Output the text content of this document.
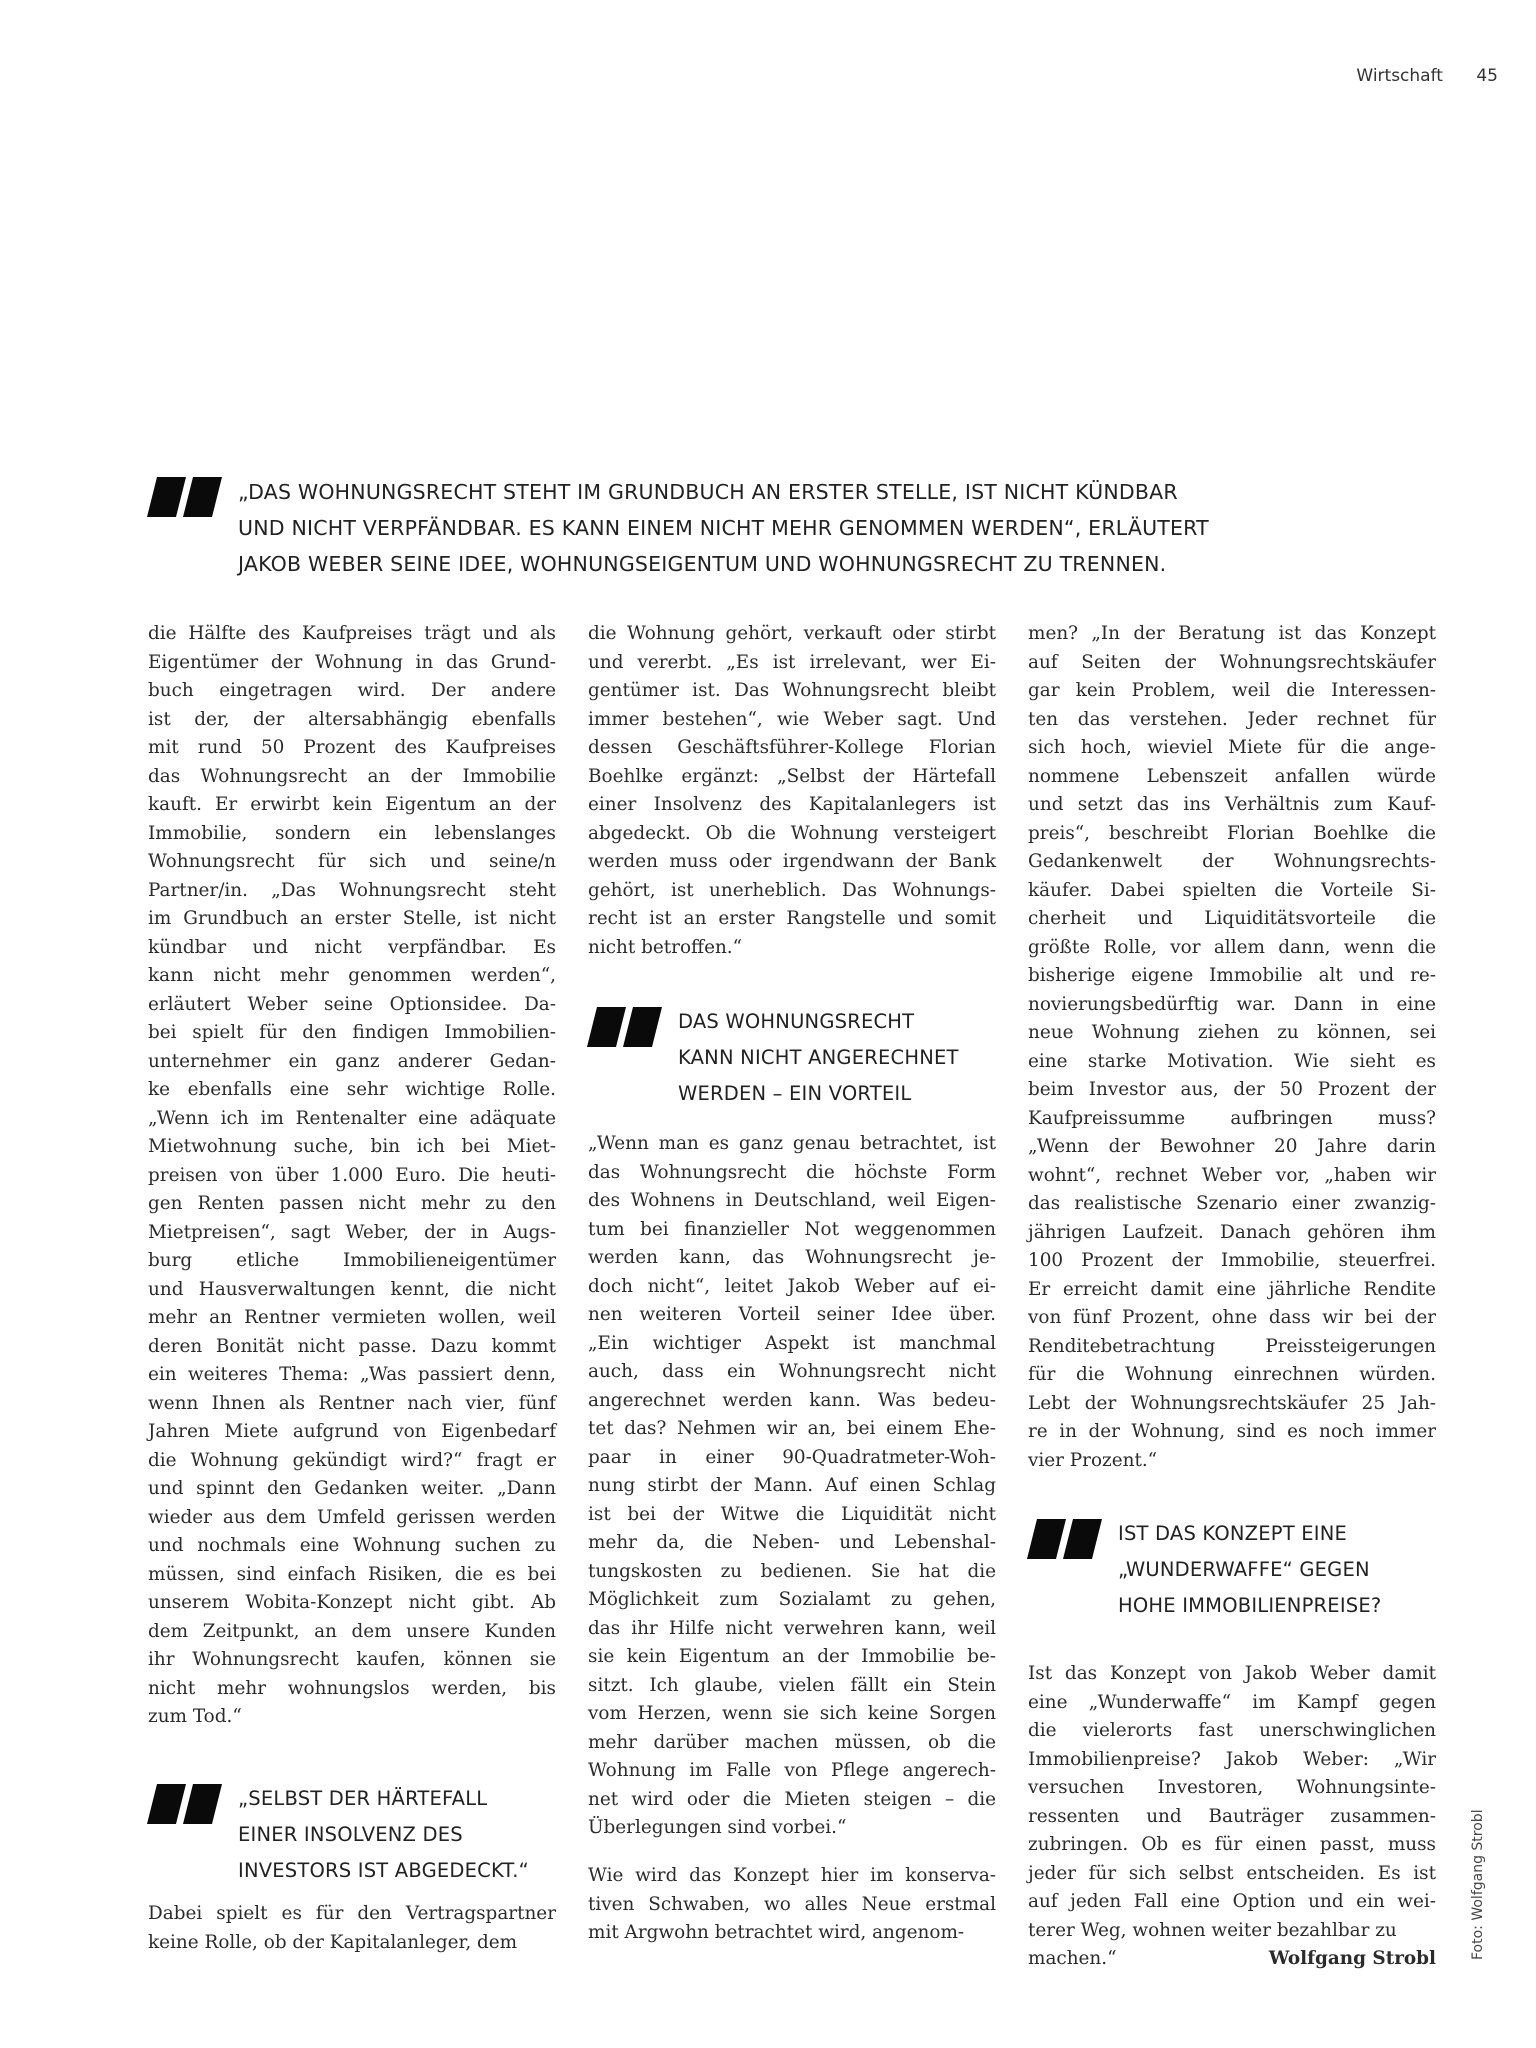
Wirtschaft 45

„DAS WOHNUNGSRECHT STEHT IM GRUNDBUCH AN ERSTER STELLE, IST NICHT KÜNDBAR

UND NICHT VERPFÄNDBAR. ES KANN EINEM NICHT MEHR GENOMMEN WERDEN“, ERLÄUTERT

JAKOB WEBER SEINE IDEE, WOHNUNGSEIGENTUM UND WOHNUNGSRECHT ZU TRENNEN.

die Hälfte des Kaufpreises trägt und als
Eigentümer der Wohnung in das Grund-
buch eingetragen wird. Der andere
ist der, der altersabhängig ebenfalls
mit rund 50 Prozent des Kaufpreises
das Wohnungsrecht an der Immobilie
kauft. Er erwirbt kein Eigentum an der
Immobilie, sondern ein lebenslanges
Wohnungsrecht für sich und seine/n
Partner/in. „Das Wohnungsrecht steht
im Grundbuch an erster Stelle, ist nicht
kündbar und nicht verpfändbar. Es
kann nicht mehr genommen werden“,
erläutert Weber seine Optionsidee. Da-
bei spielt für den findigen Immobilien-
unternehmer ein ganz anderer Gedan-
ke ebenfalls eine sehr wichtige Rolle.
„Wenn ich im Rentenalter eine adäquate
Mietwohnung suche, bin ich bei Miet-
preisen von über 1.000 Euro. Die heuti-
gen Renten passen nicht mehr zu den
Mietpreisen“, sagt Weber, der in Augs-
burg etliche Immobilieneigentümer
und Hausverwaltungen kennt, die nicht
mehr an Rentner vermieten wollen, weil
deren Bonität nicht passe. Dazu kommt
ein weiteres Thema: „Was passiert denn,
wenn Ihnen als Rentner nach vier, fünf
Jahren Miete aufgrund von Eigenbedarf
die Wohnung gekündigt wird?“ fragt er
und spinnt den Gedanken weiter. „Dann
wieder aus dem Umfeld gerissen werden
und nochmals eine Wohnung suchen zu
müssen, sind einfach Risiken, die es bei
unserem Wobita-Konzept nicht gibt. Ab
dem Zeitpunkt, an dem unsere Kunden
ihr Wohnungsrecht kaufen, können sie
nicht mehr wohnungslos werden, bis
zum Tod.“

„SELBST DER HÄRTEFALL

EINER INSOLVENZ DES

INVESTORS IST ABGEDECKT.“

Dabei spielt es für den Vertragspartner
keine Rolle, ob der Kapitalanleger, dem
die Wohnung gehört, verkauft oder stirbt
und vererbt. „Es ist irrelevant, wer Ei-
gentümer ist. Das Wohnungsrecht bleibt
immer bestehen“, wie Weber sagt. Und
dessen Geschäftsführer-Kollege Florian
Boehlke ergänzt: „Selbst der Härtefall
einer Insolvenz des Kapitalanlegers ist
abgedeckt. Ob die Wohnung versteigert
werden muss oder irgendwann der Bank
gehört, ist unerheblich. Das Wohnungs-
recht ist an erster Rangstelle und somit
nicht betroffen.“

DAS WOHNUNGSRECHT

KANN NICHT ANGERECHNET

WERDEN – EIN VORTEIL

„Wenn man es ganz genau betrachtet, ist
das Wohnungsrecht die höchste Form
des Wohnens in Deutschland, weil Eigen-
tum bei finanzieller Not weggenommen
werden kann, das Wohnungsrecht je-
doch nicht“, leitet Jakob Weber auf ei-
nen weiteren Vorteil seiner Idee über.
„Ein wichtiger Aspekt ist manchmal
auch, dass ein Wohnungsrecht nicht
angerechnet werden kann. Was bedeu-
tet das? Nehmen wir an, bei einem Ehe-
paar in einer 90-Quadratmeter-Woh-
nung stirbt der Mann. Auf einen Schlag
ist bei der Witwe die Liquidität nicht
mehr da, die Neben- und Lebenshal-
tungskosten zu bedienen. Sie hat die
Möglichkeit zum Sozialamt zu gehen,
das ihr Hilfe nicht verwehren kann, weil
sie kein Eigentum an der Immobilie be-
sitzt. Ich glaube, vielen fällt ein Stein
vom Herzen, wenn sie sich keine Sorgen
mehr darüber machen müssen, ob die
Wohnung im Falle von Pflege angerech-
net wird oder die Mieten steigen – die
Überlegungen sind vorbei.“
Wie wird das Konzept hier im konserva-
tiven Schwaben, wo alles Neue erstmal
mit Argwohn betrachtet wird, angenom-
men? „In der Beratung ist das Konzept
auf Seiten der Wohnungsrechtskäufer
gar kein Problem, weil die Interessen-
ten das verstehen. Jeder rechnet für
sich hoch, wieviel Miete für die ange-
nommene Lebenszeit anfallen würde
und setzt das ins Verhältnis zum Kauf-
preis“, beschreibt Florian Boehlke die
Gedankenwelt der Wohnungsrechts-
käufer. Dabei spielten die Vorteile Si-
cherheit und Liquiditätsvorteile die
größte Rolle, vor allem dann, wenn die
bisherige eigene Immobilie alt und re-
novierungsbedürftig war. Dann in eine
neue Wohnung ziehen zu können, sei
eine starke Motivation. Wie sieht es
beim Investor aus, der 50 Prozent der
Kaufpreissumme aufbringen muss?
„Wenn der Bewohner 20 Jahre darin
wohnt“, rechnet Weber vor, „haben wir
das realistische Szenario einer zwanzig-
jährigen Laufzeit. Danach gehören ihm
100 Prozent der Immobilie, steuerfrei.
Er erreicht damit eine jährliche Rendite
von fünf Prozent, ohne dass wir bei der
Renditebetrachtung Preissteigerungen
für die Wohnung einrechnen würden.
Lebt der Wohnungsrechtskäufer 25 Jah-
re in der Wohnung, sind es noch immer
vier Prozent.“

IST DAS KONZEPT EINE

„WUNDERWAFFE“ GEGEN

HOHE IMMOBILIENPREISE?

Ist das Konzept von Jakob Weber damit
eine „Wunderwaffe“ im Kampf gegen
die vielerorts fast unerschwinglichen
Immobilienpreise? Jakob Weber: „Wir
versuchen Investoren, Wohnungsinte-
ressenten und Bauträger zusammen-
zubringen. Ob es für einen passt, muss
jeder für sich selbst entscheiden. Es ist
auf jeden Fall eine Option und ein wei-
terer Weg, wohnen weiter bezahlbar zu
machen.“	Wolfgang Strobl Foto: Wolfgang Strobl
